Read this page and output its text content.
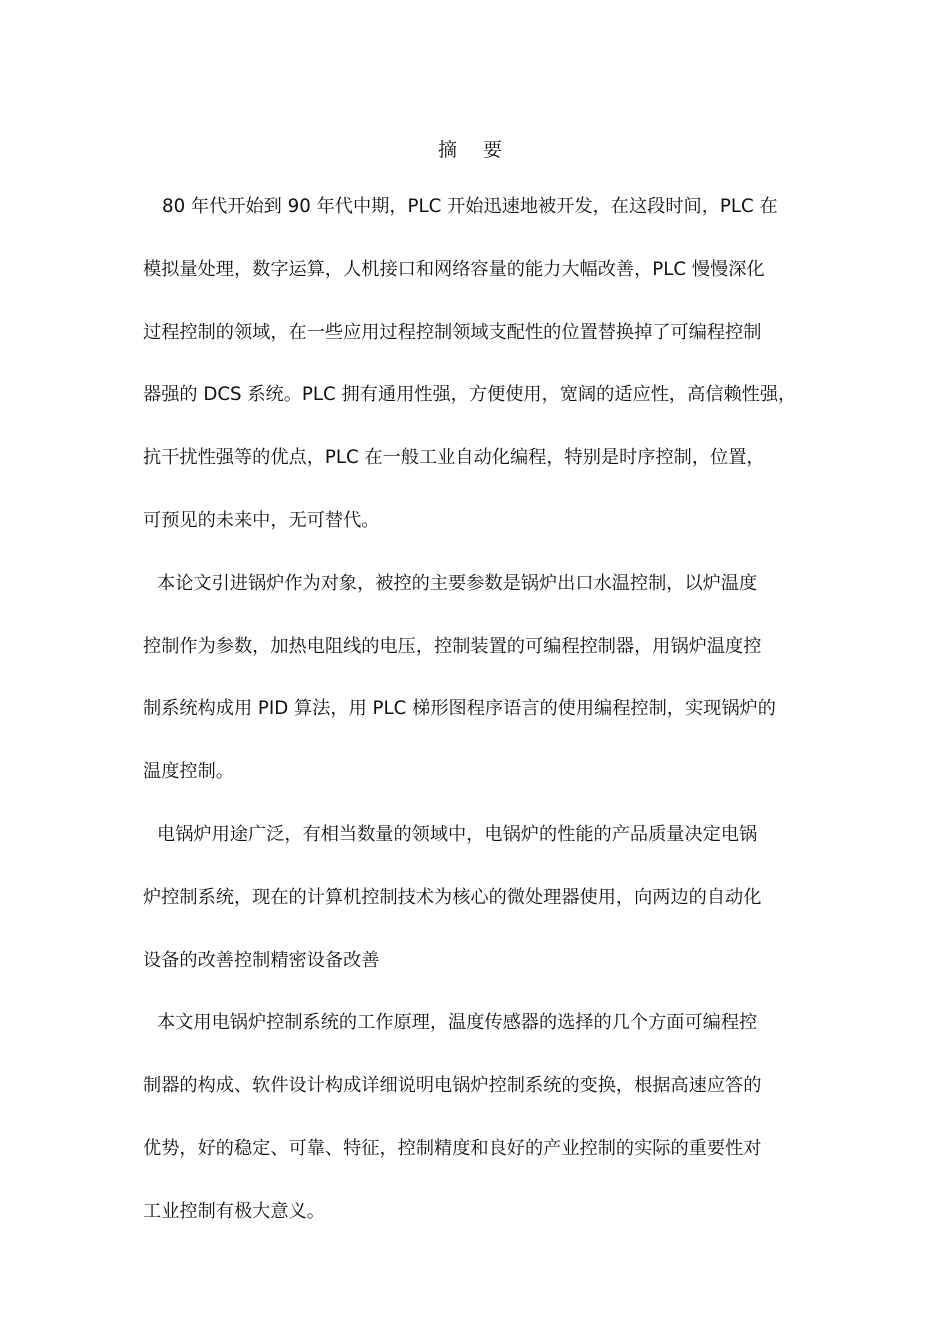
摘 要

80 年代开始到 90 年代中期，PLC 开始迅速地被开发，在这段时间，PLC 在

模拟量处理，数字运算，人机接口和网络容量的能力大幅改善，PLC 慢慢深化

过程控制的领域，在一些应用过程控制领域支配性的位置替换掉了可编程控制

器强的 DCS 系统。PLC 拥有通用性强，方便使用，宽阔的适应性，高信赖性强，

抗干扰性强等的优点，PLC 在一般工业自动化编程，特别是时序控制，位置，

可预见的未来中，无可替代。

本论文引进锅炉作为对象，被控的主要参数是锅炉出口水温控制，以炉温度

控制作为参数，加热电阻线的电压，控制装置的可编程控制器，用锅炉温度控

制系统构成用 PID 算法，用 PLC 梯形图程序语言的使用编程控制，实现锅炉的

温度控制。

电锅炉用途广泛，有相当数量的领域中，电锅炉的性能的产品质量决定电锅

炉控制系统，现在的计算机控制技术为核心的微处理器使用，向两边的自动化

设备的改善控制精密设备改善

本文用电锅炉控制系统的工作原理，温度传感器的选择的几个方面可编程控

制器的构成、软件设计构成详细说明电锅炉控制系统的变换，根据高速应答的

优势，好的稳定、可靠、特征，控制精度和良好的产业控制的实际的重要性对

工业控制有极大意义。
